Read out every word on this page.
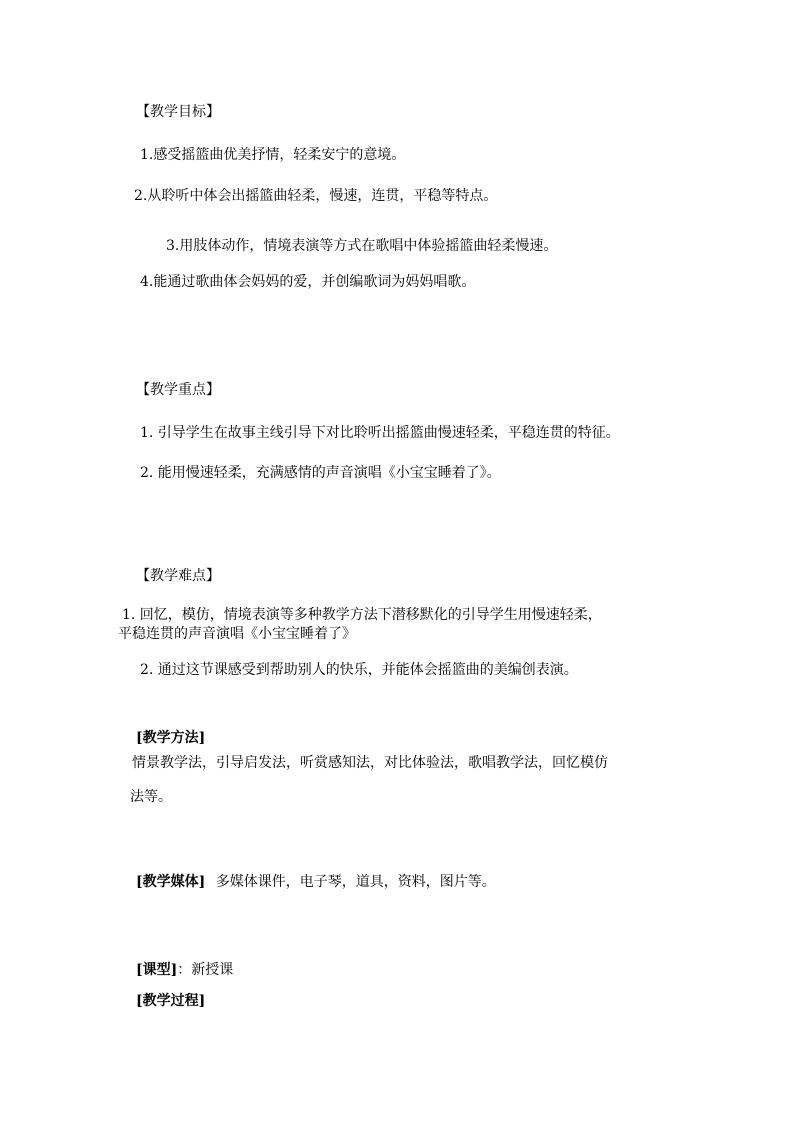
【教学目标】
1.感受摇篮曲优美抒情，轻柔安宁的意境。
2.从聆听中体会出摇篮曲轻柔，慢速，连贯，平稳等特点。
3.用肢体动作，情境表演等方式在歌唱中体验摇篮曲轻柔慢速。
4.能通过歌曲体会妈妈的爱，并创编歌词为妈妈唱歌。
【教学重点】
1. 引导学生在故事主线引导下对比聆听出摇篮曲慢速轻柔，平稳连贯的特征。
2. 能用慢速轻柔，充满感情的声音演唱《小宝宝睡着了》。
【教学难点】
1. 回忆，模仿，情境表演等多种教学方法下潜移默化的引导学生用慢速轻柔，
平稳连贯的声音演唱《小宝宝睡着了》
2. 通过这节课感受到帮助别人的快乐，并能体会摇篮曲的美编创表演。
[教学方法]
情景教学法，引导启发法，听赏感知法，对比体验法，歌唱教学法，回忆模仿
法等。
[教学媒体] 多媒体课件，电子琴，道具，资料，图片等。
[课型]：新授课
[教学过程]
